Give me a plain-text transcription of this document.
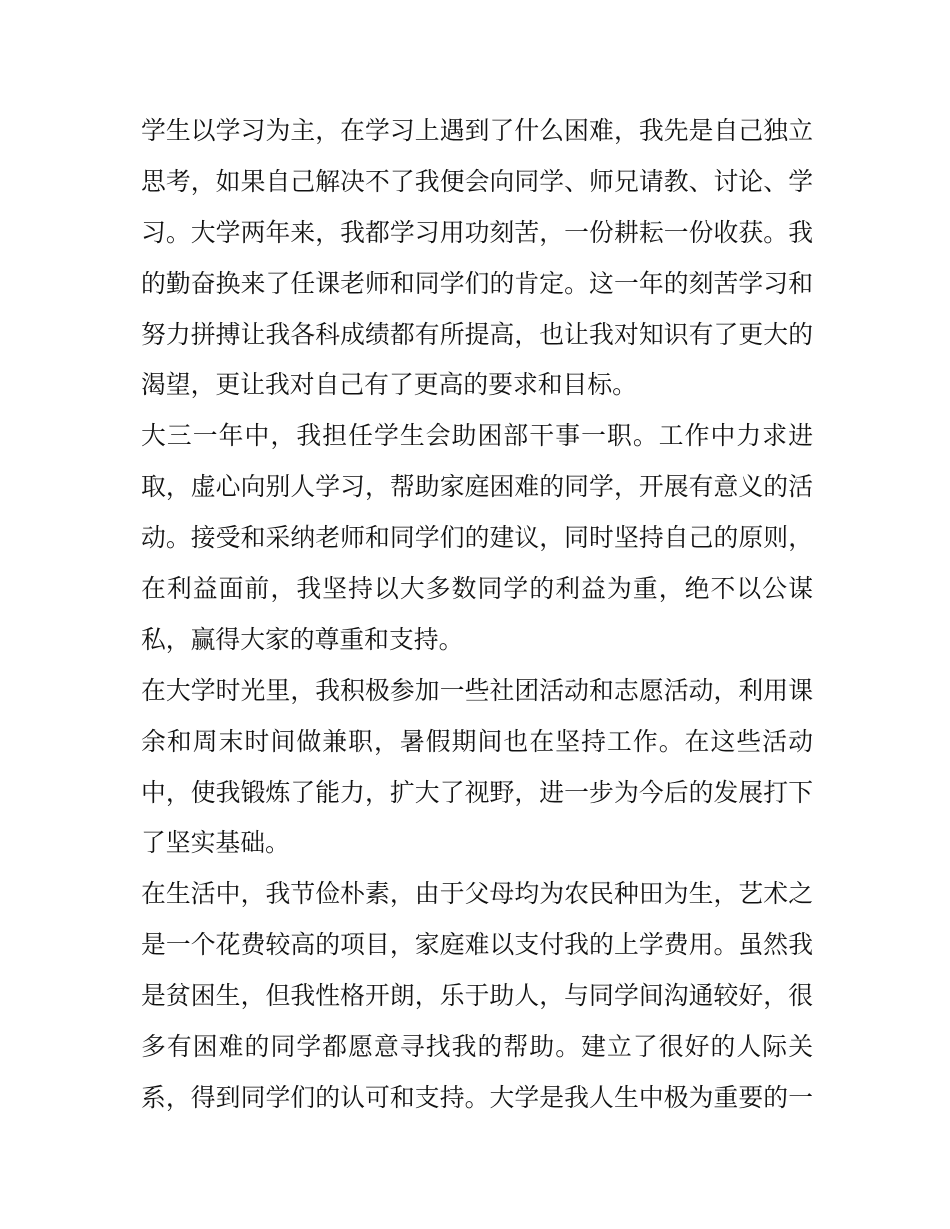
学生以学习为主，在学习上遇到了什么困难，我先是自己独立
思考，如果自己解决不了我便会向同学、师兄请教、讨论、学
习。大学两年来，我都学习用功刻苦，一份耕耘一份收获。我
的勤奋换来了任课老师和同学们的肯定。这一年的刻苦学习和
努力拼搏让我各科成绩都有所提高，也让我对知识有了更大的
渴望，更让我对自己有了更高的要求和目标。
大三一年中，我担任学生会助困部干事一职。工作中力求进
取，虚心向别人学习，帮助家庭困难的同学，开展有意义的活
动。接受和采纳老师和同学们的建议，同时坚持自己的原则，
在利益面前，我坚持以大多数同学的利益为重，绝不以公谋
私，赢得大家的尊重和支持。
在大学时光里，我积极参加一些社团活动和志愿活动，利用课
余和周末时间做兼职，暑假期间也在坚持工作。在这些活动
中，使我锻炼了能力，扩大了视野，进一步为今后的发展打下
了坚实基础。
在生活中，我节俭朴素，由于父母均为农民种田为生，艺术之
是一个花费较高的项目，家庭难以支付我的上学费用。虽然我
是贫困生，但我性格开朗，乐于助人，与同学间沟通较好，很
多有困难的同学都愿意寻找我的帮助。建立了很好的人际关
系，得到同学们的认可和支持。大学是我人生中极为重要的一
